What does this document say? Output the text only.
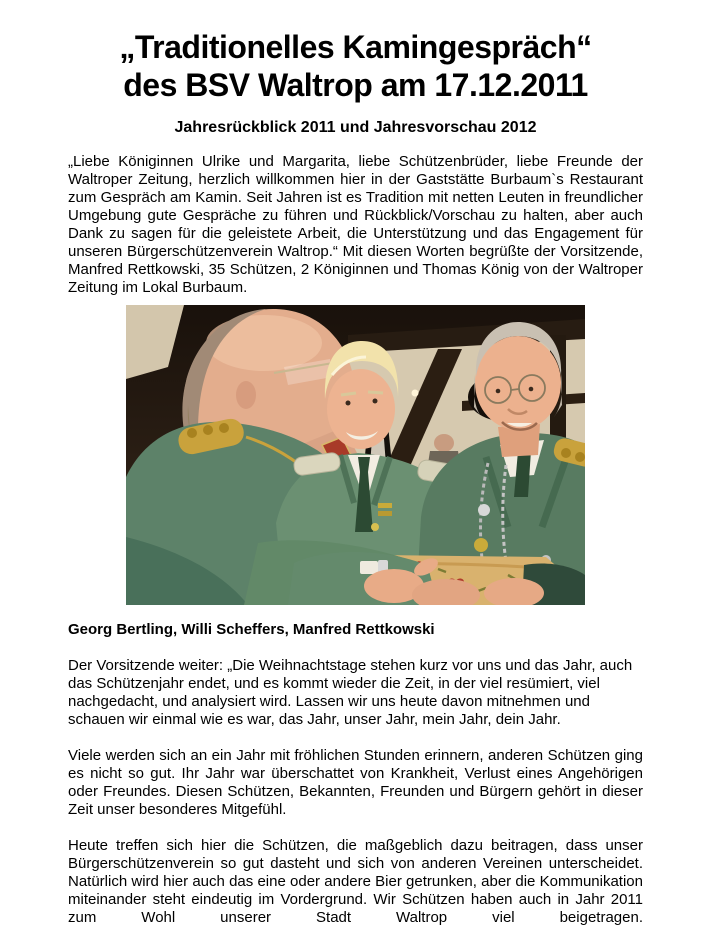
„Traditionelles Kamingespräch“
des BSV Waltrop am 17.12.2011
Jahresrückblick 2011 und Jahresvorschau 2012

„Liebe Königinnen Ulrike und Margarita, liebe Schützenbrüder, liebe Freunde der Waltroper Zeitung, herzlich willkommen hier in der Gaststätte Burbaum`s Restaurant zum Gespräch am Kamin. Seit Jahren ist es Tradition mit netten Leuten in freundlicher Umgebung gute Gespräche zu führen und Rückblick/Vorschau zu halten, aber auch Dank zu sagen für die geleistete Arbeit, die Unterstützung und das Engagement für unseren Bürgerschützenverein Waltrop.“ Mit diesen Worten begrüßte der Vorsitzende, Manfred Rettkowski, 35 Schützen, 2 Königinnen und Thomas König von der Waltroper Zeitung im Lokal Burbaum.

Georg Bertling, Willi Scheffers, Manfred Rettkowski

Der Vorsitzende weiter: „Die Weihnachtstage stehen kurz vor uns und das Jahr, auch das Schützenjahr endet, und es kommt wieder die Zeit, in der viel resümiert, viel nachgedacht, und analysiert wird. Lassen wir uns heute davon mitnehmen und schauen wir einmal wie es war, das Jahr, unser Jahr, mein Jahr, dein Jahr.

Viele werden sich an ein Jahr mit fröhlichen Stunden erinnern, anderen Schützen ging es nicht so gut. Ihr Jahr war überschattet von Krankheit, Verlust eines Angehörigen oder Freundes. Diesen Schützen, Bekannten, Freunden und Bürgern gehört in dieser Zeit unser besonderes Mitgefühl.

Heute treffen sich hier die Schützen, die maßgeblich dazu beitragen, dass unser Bürgerschützenverein so gut dasteht und sich von anderen Vereinen unterscheidet. Natürlich wird hier auch das eine oder andere Bier getrunken, aber die Kommunikation miteinander steht eindeutig im Vordergrund. Wir Schützen haben auch in Jahr 2011 zum Wohl unserer Stadt Waltrop viel beigetragen.
